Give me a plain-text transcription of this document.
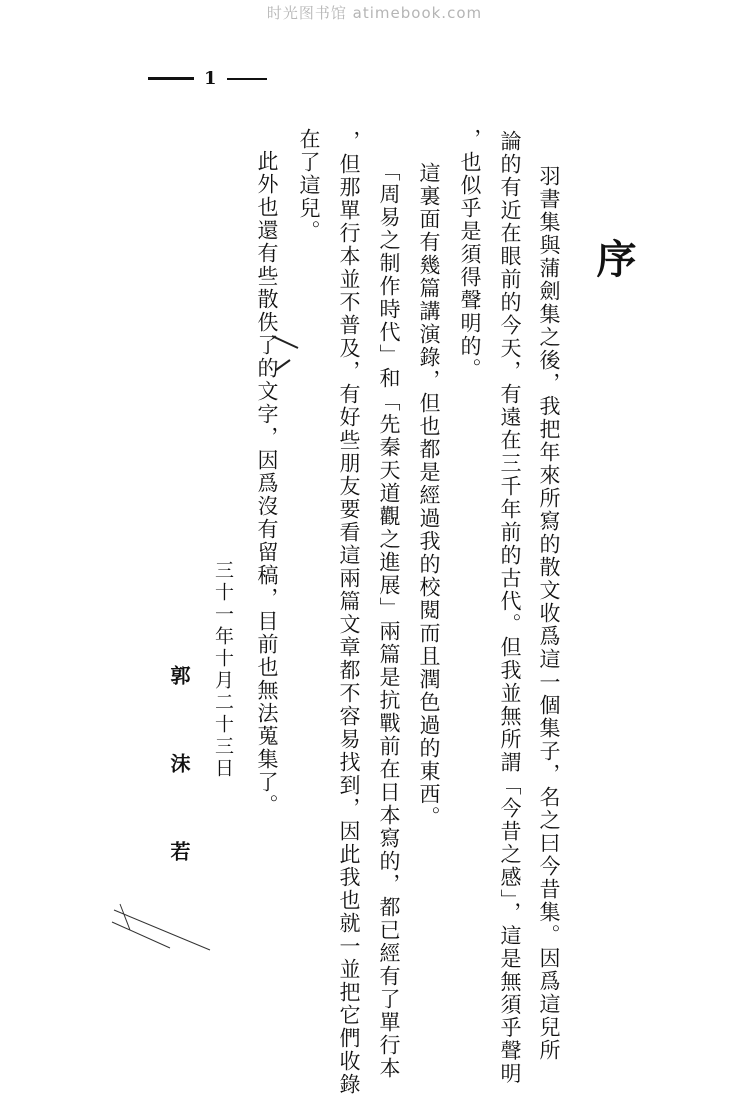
时光图书馆 atimebook.com
1
序
羽書集與蒲劍集之後，我把年來所寫的散文收爲這一個集子，名之曰今昔集。因爲這兒所
論的有近在眼前的今天，有遠在三千年前的古代。但我並無所謂「今昔之感」，這是無須乎聲明
，也似乎是須得聲明的。
這裏面有幾篇講演錄，但也都是經過我的校閱而且潤色過的東西。
「周易之制作時代」和「先秦天道觀之進展」兩篇是抗戰前在日本寫的，都已經有了單行本
，但那單行本並不普及，有好些朋友要看這兩篇文章都不容易找到，因此我也就一並把它們收錄
在了這兒。
此外也還有些散佚了的文字，因爲沒有留稿，目前也無法蒐集了。
三十一年十月二十三日
郭 沫 若
